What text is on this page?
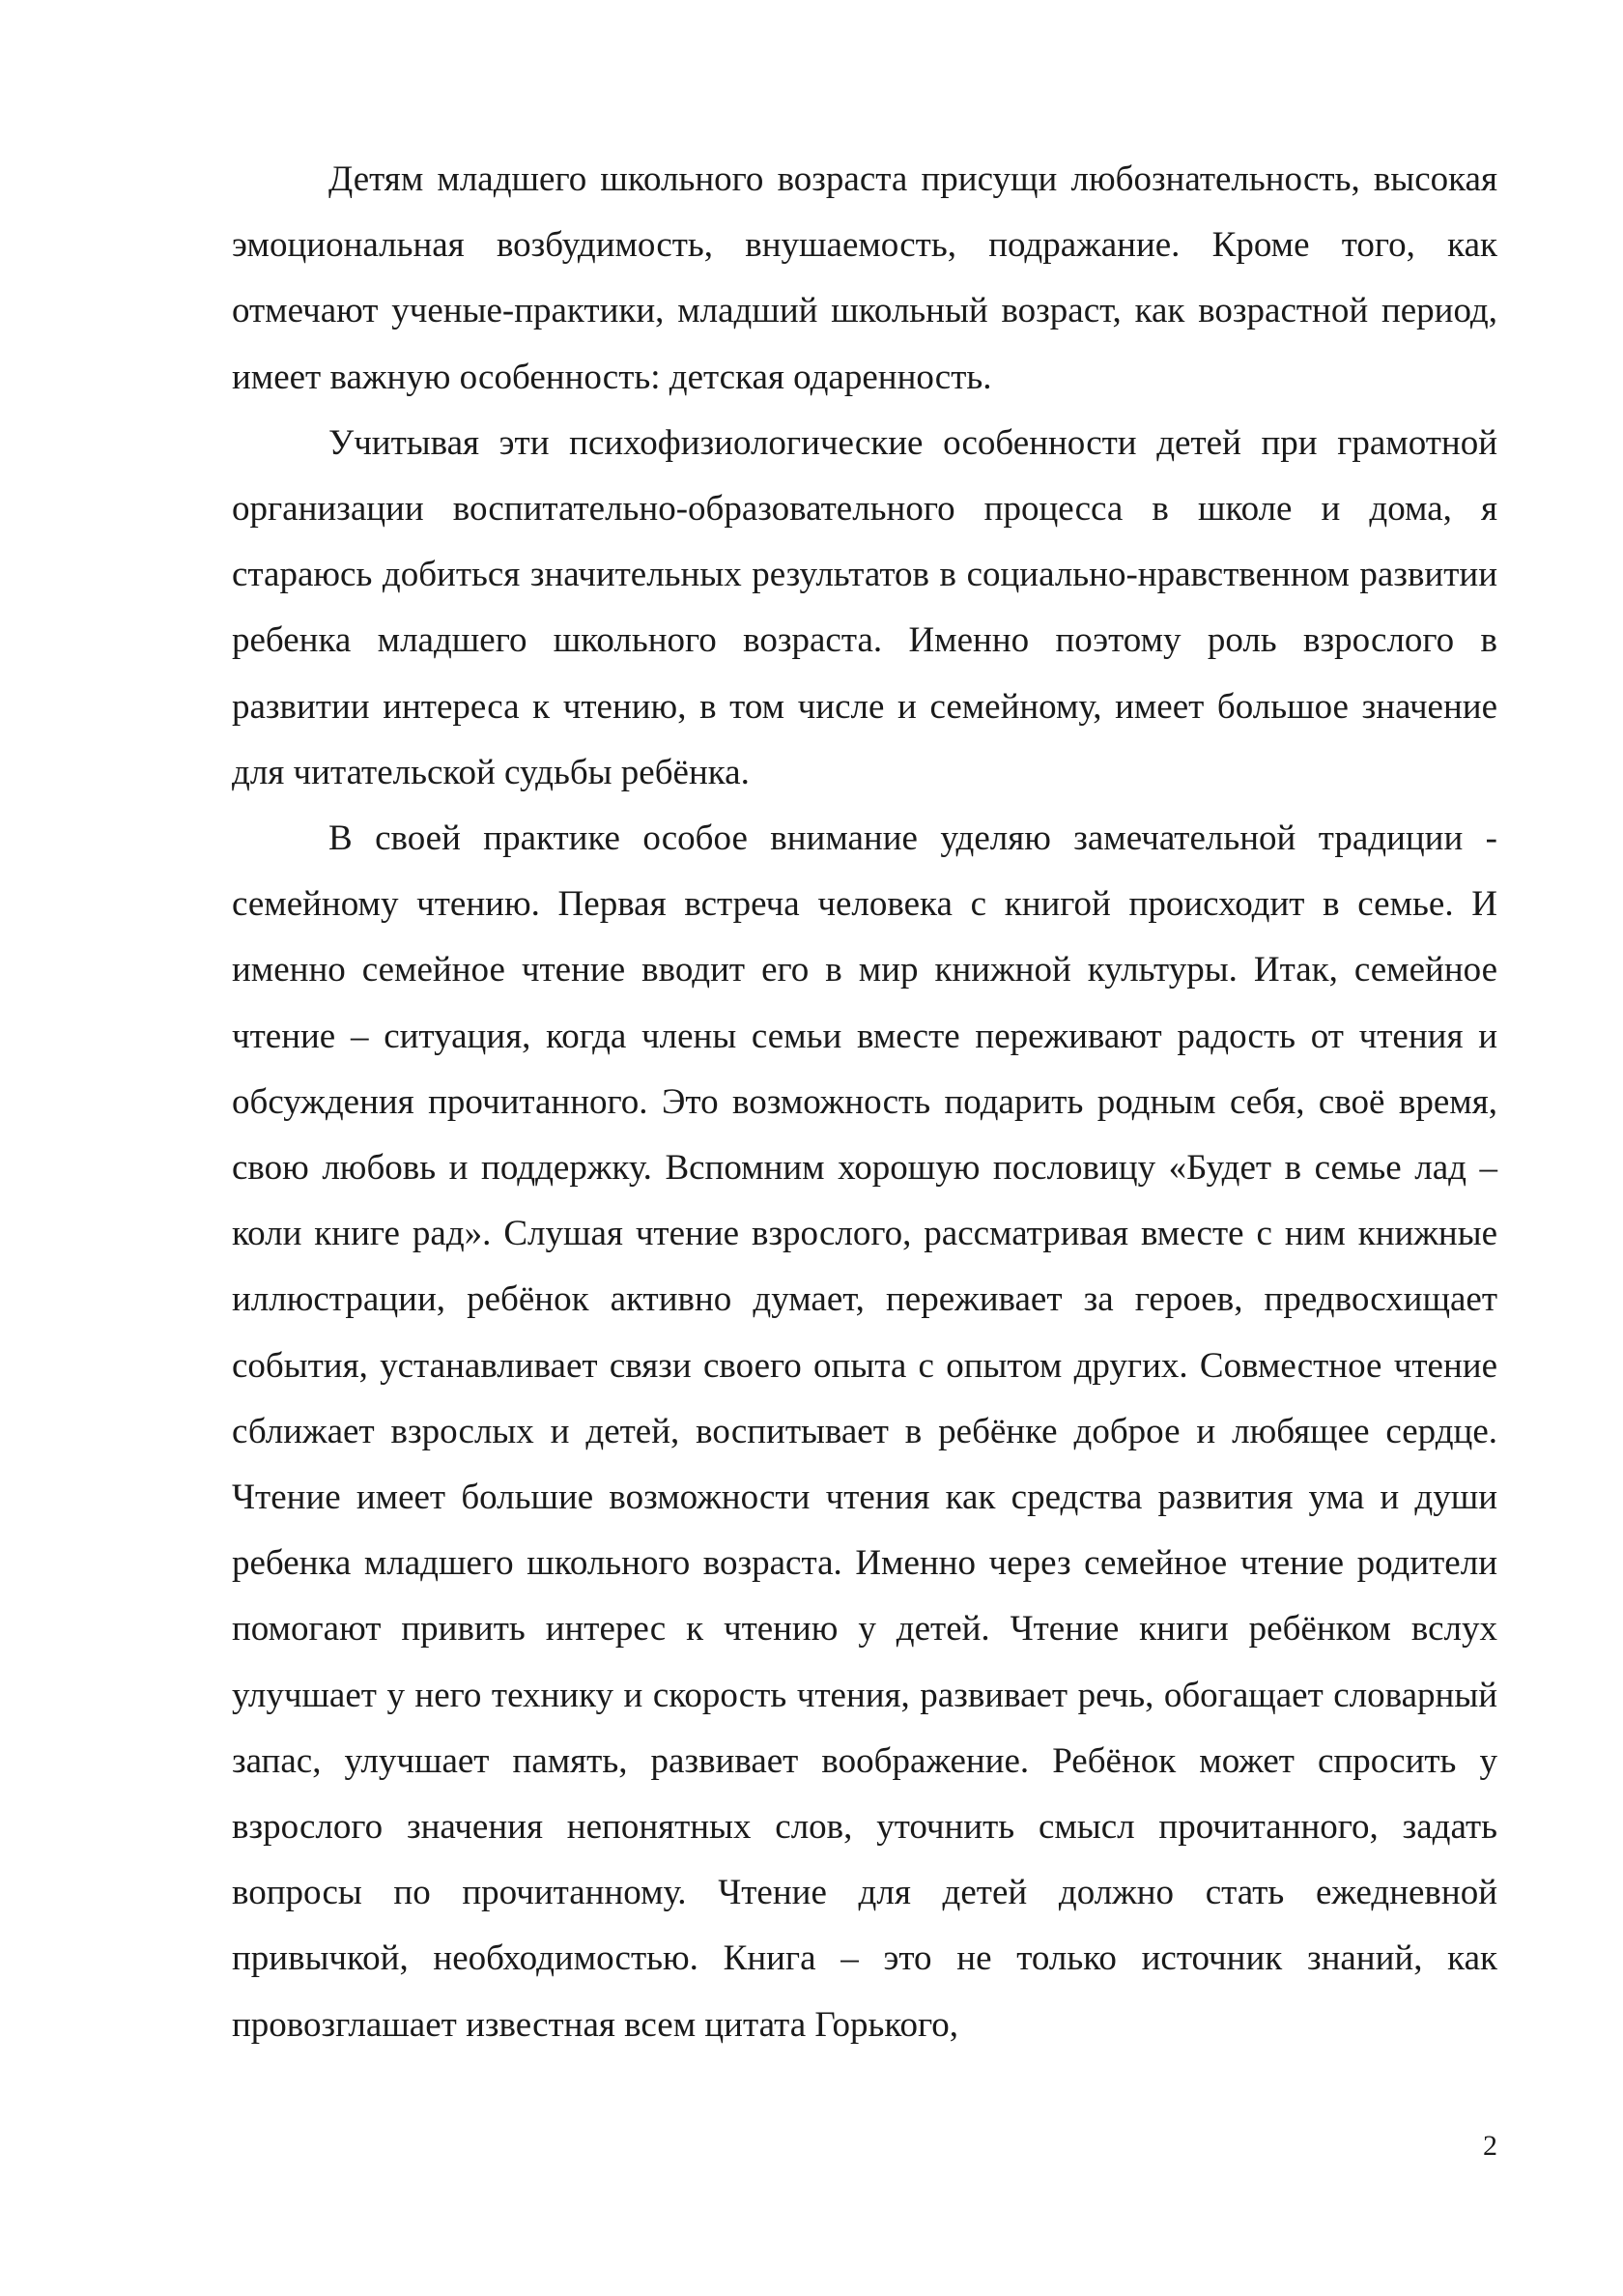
Детям младшего школьного возраста присущи любознательность, высокая эмоциональная возбудимость, внушаемость, подражание. Кроме того, как отмечают ученые-практики, младший школьный возраст, как возрастной период, имеет важную особенность: детская одаренность.

Учитывая эти психофизиологические особенности детей при грамотной организации воспитательно-образовательного процесса в школе и дома, я стараюсь добиться значительных результатов в социально-нравственном развитии ребенка младшего школьного возраста. Именно поэтому роль взрослого в развитии интереса к чтению, в том числе и семейному, имеет большое значение для читательской судьбы ребёнка.

В своей практике особое внимание уделяю замечательной традиции - семейному чтению. Первая встреча человека с книгой происходит в семье. И именно семейное чтение вводит его в мир книжной культуры. Итак, семейное чтение – ситуация, когда члены семьи вместе переживают радость от чтения и обсуждения прочитанного. Это возможность подарить родным себя, своё время, свою любовь и поддержку. Вспомним хорошую пословицу «Будет в семье лад – коли книге рад». Слушая чтение взрослого, рассматривая вместе с ним книжные иллюстрации, ребёнок активно думает, переживает за героев, предвосхищает события, устанавливает связи своего опыта с опытом других. Совместное чтение сближает взрослых и детей, воспитывает в ребёнке доброе и любящее сердце. Чтение имеет большие возможности чтения как средства развития ума и души ребенка младшего школьного возраста. Именно через семейное чтение родители помогают привить интерес к чтению у детей. Чтение книги ребёнком вслух улучшает у него технику и скорость чтения, развивает речь, обогащает словарный запас, улучшает память, развивает воображение. Ребёнок может спросить у взрослого значения непонятных слов, уточнить смысл прочитанного, задать вопросы по прочитанному. Чтение для детей должно стать ежедневной привычкой, необходимостью. Книга – это не только источник знаний, как провозглашает известная всем цитата Горького,

2
